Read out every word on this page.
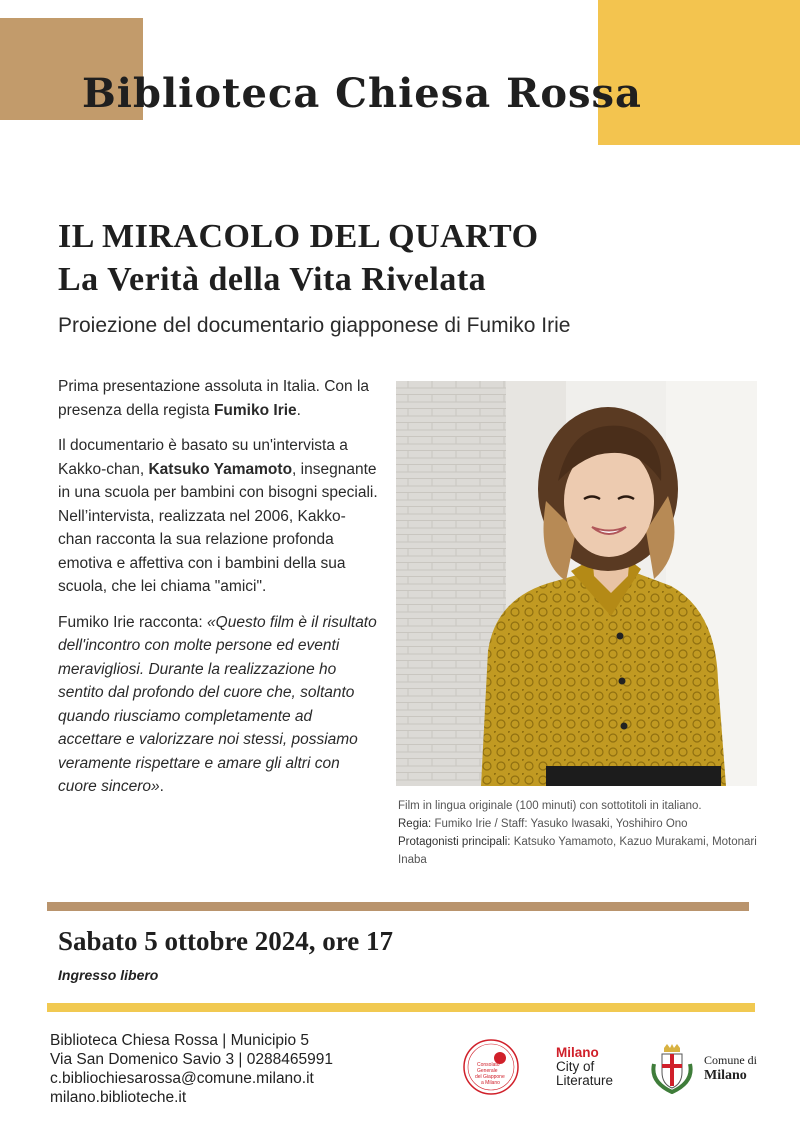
Biblioteca Chiesa Rossa
IL MIRACOLO DEL QUARTO
La Verità della Vita Rivelata
Proiezione del documentario giapponese di Fumiko Irie

Prima presentazione assoluta in Italia. Con la presenza della regista Fumiko Irie.

Il documentario è basato su un'intervista a Kakko-chan, Katsuko Yamamoto, insegnante in una scuola per bambini con bisogni speciali. Nell’intervista, realizzata nel 2006, Kakko-chan racconta la sua relazione profonda emotiva e affettiva con i bambini della sua scuola, che lei chiama "amici".

Fumiko Irie racconta: «Questo film è il risultato dell'incontro con molte persone ed eventi meravigliosi. Durante la realizzazione ho sentito dal profondo del cuore che, soltanto quando riusciamo completamente ad accettare e valorizzare noi stessi, possiamo veramente rispettare e amare gli altri con cuore sincero».

Film in lingua originale (100 minuti) con sottotitoli in italiano.
Regia: Fumiko Irie / Staff: Yasuko Iwasaki, Yoshihiro Ono
Protagonisti principali: Katsuko Yamamoto, Kazuo Murakami, Motonari Inaba
Sabato 5 ottobre 2024, ore 17
Ingresso libero
Biblioteca Chiesa Rossa | Municipio 5
Via San Domenico Savio 3 | 0288465991
c.bibliochiesarossa@comune.milano.it
milano.biblioteche.it
Consolato
Generale
del Giappone
a Milano
Milano
City of
Literature
Comune di
Milano
